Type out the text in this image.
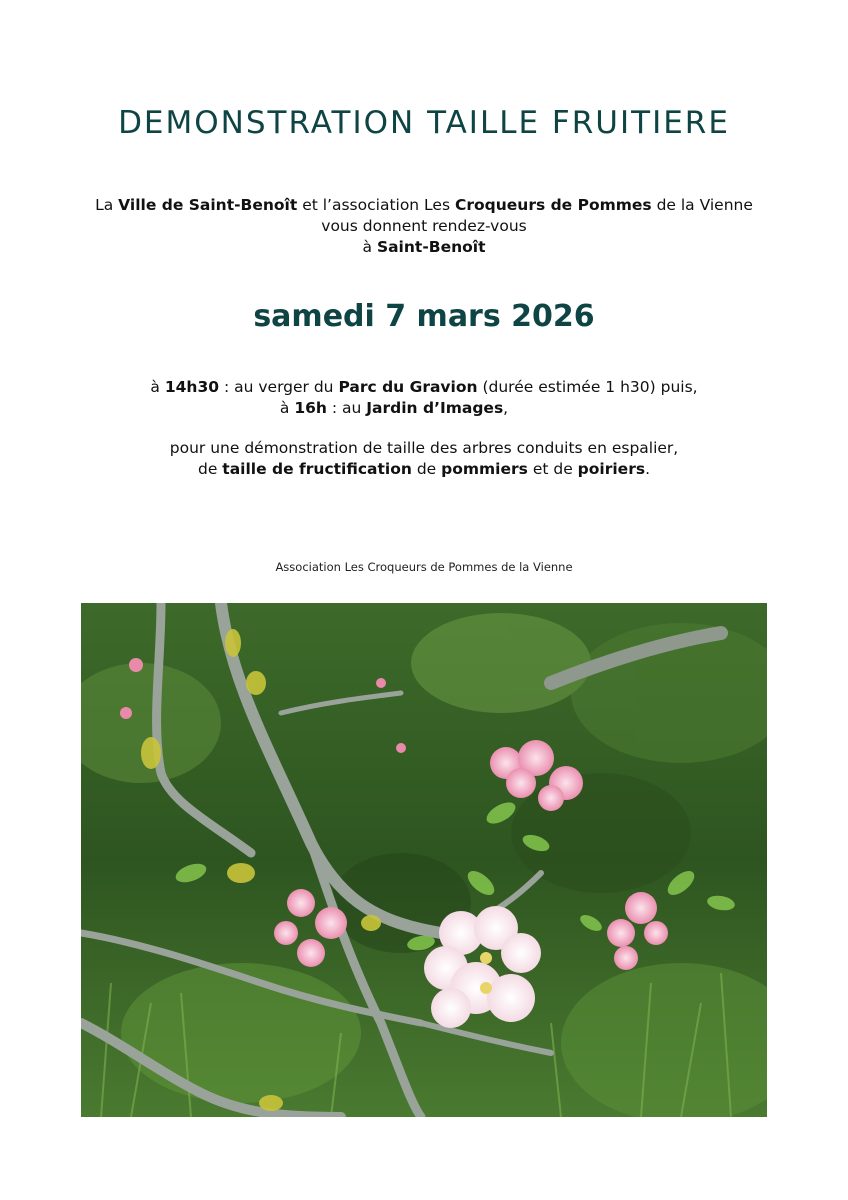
DEMONSTRATION TAILLE FRUITIERE
La Ville de Saint-Benoît et l’association Les Croqueurs de Pommes de la Vienne
vous donnent rendez-vous
à Saint-Benoît
samedi 7 mars 2026
à 14h30 : au verger du Parc du Gravion (durée estimée 1 h30) puis,
à 16h : au Jardin d’Images,
pour une démonstration de taille des arbres conduits en espalier,
de taille de fructification de pommiers et de poiriers.
Association Les Croqueurs de Pommes de la Vienne
